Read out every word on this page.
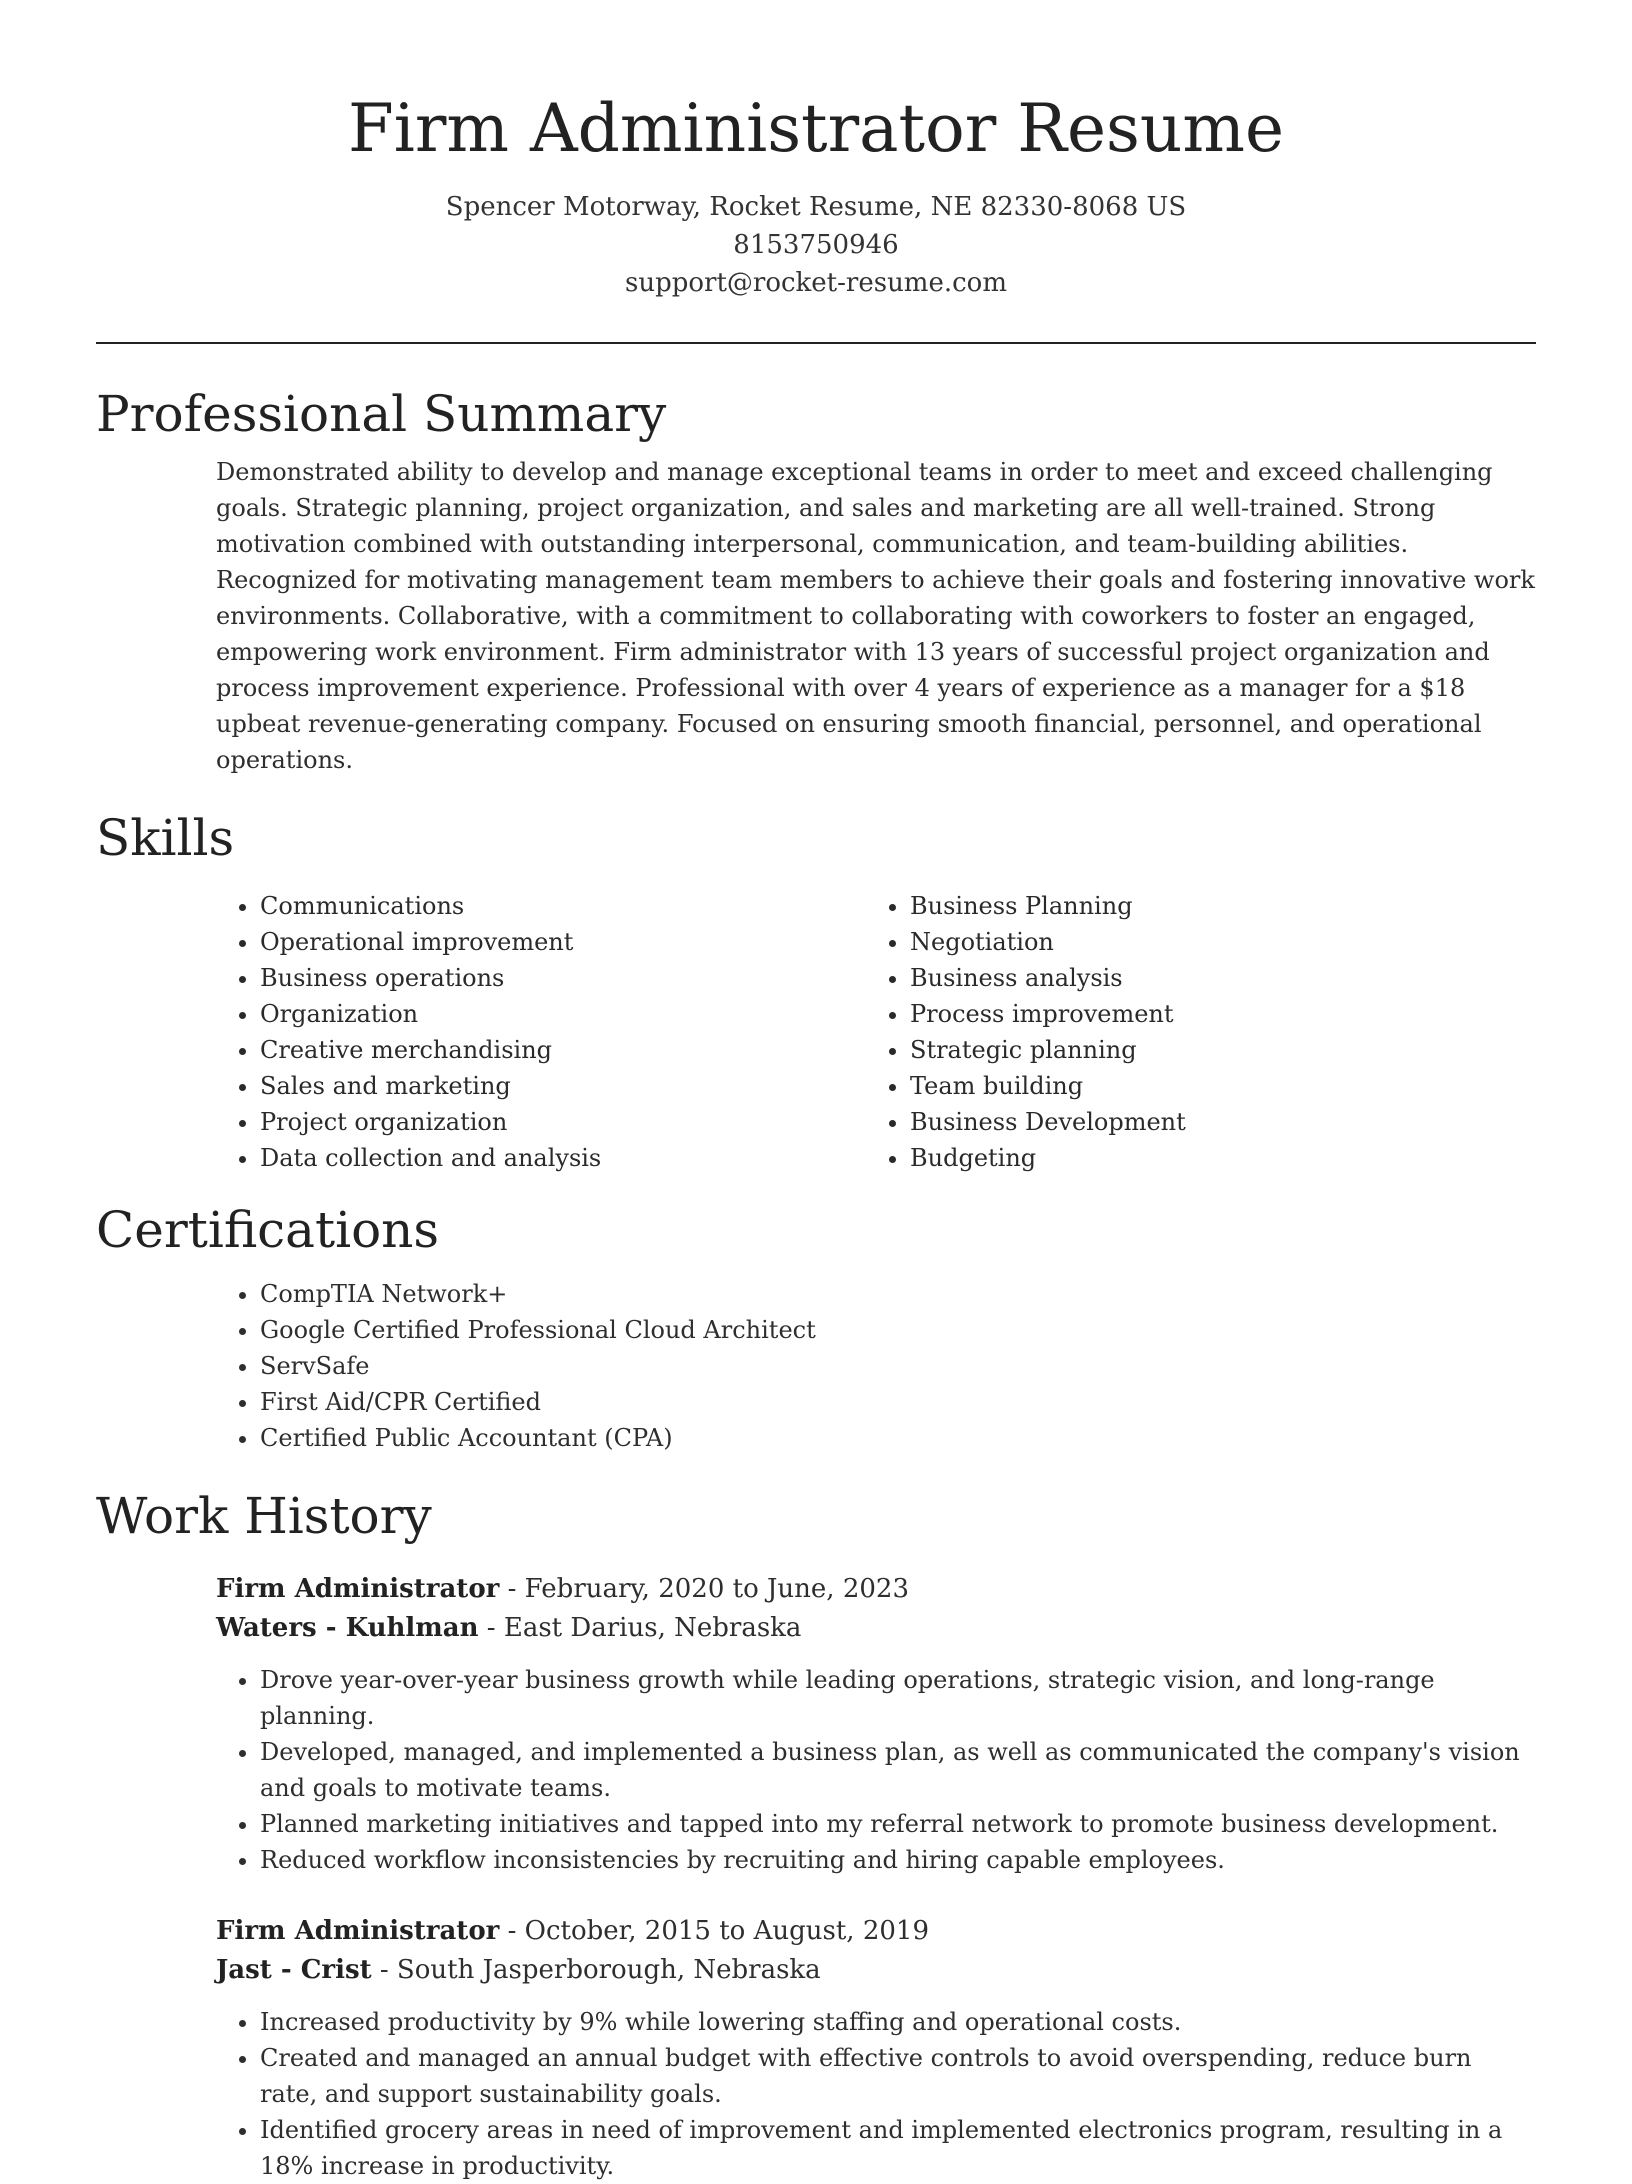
Firm Administrator Resume
Spencer Motorway, Rocket Resume, NE 82330-8068 US
8153750946
support@rocket-resume.com
Professional Summary

Demonstrated ability to develop and manage exceptional teams in order to meet and exceed challenging goals. Strategic planning, project organization, and sales and marketing are all well-trained. Strong motivation combined with outstanding interpersonal, communication, and team-building abilities. Recognized for motivating management team members to achieve their goals and fostering innovative work environments. Collaborative, with a commitment to collaborating with coworkers to foster an engaged, empowering work environment. Firm administrator with 13 years of successful project organization and process improvement experience. Professional with over 4 years of experience as a manager for a $18 upbeat revenue-generating company. Focused on ensuring smooth financial, personnel, and operational operations.

Skills
• Communications
• Operational improvement
• Business operations
• Organization
• Creative merchandising
• Sales and marketing
• Project organization
• Data collection and analysis
• Business Planning
• Negotiation
• Business analysis
• Process improvement
• Strategic planning
• Team building
• Business Development
• Budgeting
Certifications
• CompTIA Network+
• Google Certified Professional Cloud Architect
• ServSafe
• First Aid/CPR Certified
• Certified Public Accountant (CPA)
Work History
Firm Administrator - February, 2020 to June, 2023
Waters - Kuhlman - East Darius, Nebraska
• Drove year-over-year business growth while leading operations, strategic vision, and long-range planning.
• Developed, managed, and implemented a business plan, as well as communicated the company's vision and goals to motivate teams.
• Planned marketing initiatives and tapped into my referral network to promote business development.
• Reduced workflow inconsistencies by recruiting and hiring capable employees.
Firm Administrator - October, 2015 to August, 2019
Jast - Crist - South Jasperborough, Nebraska
• Increased productivity by 9% while lowering staffing and operational costs.
• Created and managed an annual budget with effective controls to avoid overspending, reduce burn rate, and support sustainability goals.
• Identified grocery areas in need of improvement and implemented electronics program, resulting in a 18% increase in productivity.
